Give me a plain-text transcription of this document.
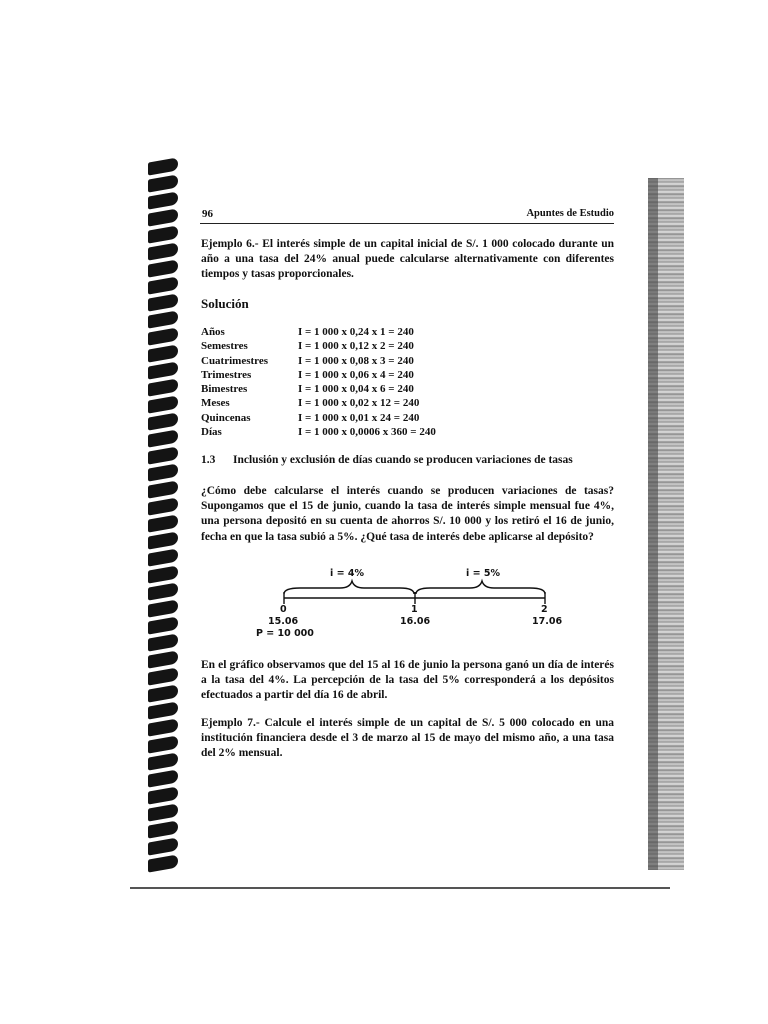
96	Apuntes de Estudio

Ejemplo 6.- El interés simple de un capital inicial de S/. 1 000 colocado durante un año a una tasa del 24% anual puede calcularse alternativamente con diferentes tiempos y tasas proporcionales.

Solución
Años	I = 1 000 x 0,24 x 1 = 240
Semestres	I = 1 000 x 0,12 x 2 = 240
Cuatrimestres	I = 1 000 x 0,08 x 3 = 240
Trimestres	I = 1 000 x 0,06 x 4 = 240
Bimestres	I = 1 000 x 0,04 x 6 = 240
Meses	I = 1 000 x 0,02 x 12 = 240
Quincenas	I = 1 000 x 0,01 x 24 = 240
Días	I = 1 000 x 0,0006 x 360 = 240
1.3 Inclusión y exclusión de días cuando se producen variaciones de tasas

¿Cómo debe calcularse el interés cuando se producen variaciones de tasas? Supongamos que el 15 de junio, cuando la tasa de interés simple mensual fue 4%, una persona depositó en su cuenta de ahorros S/. 10 000 y los retiró el 16 de junio, fecha en que la tasa subió a 5%. ¿Qué tasa de interés debe aplicarse al depósito?

i = 4%	i = 5%
0	1	2
15.06	16.06	17.06
P = 10 000

En el gráfico observamos que del 15 al 16 de junio la persona ganó un día de interés a la tasa del 4%. La percepción de la tasa del 5% corresponderá a los depósitos efectuados a partir del día 16 de abril.

Ejemplo 7.- Calcule el interés simple de un capital de S/. 5 000 colocado en una institución financiera desde el 3 de marzo al 15 de mayo del mismo año, a una tasa del 2% mensual.
